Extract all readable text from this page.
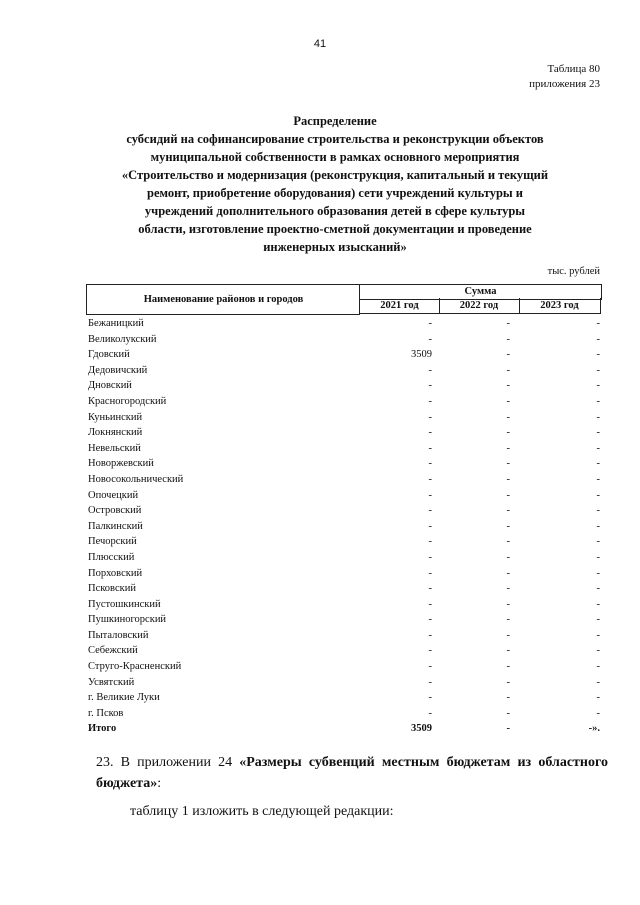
41
Таблица 80
приложения 23
Распределение
субсидий на софинансирование строительства и реконструкции объектов
муниципальной собственности в рамках основного мероприятия
«Строительство и модернизация (реконструкция, капитальный и текущий
ремонт, приобретение оборудования) сети учреждений культуры и
учреждений дополнительного образования детей в сфере культуры
области, изготовление проектно-сметной документации и проведение
инженерных изысканий»
тыс. рублей
Наименование районов и городов
Сумма
2021 год	2022 год	2023 год
Бежаницкий	-	-	-
Великолукский	-	-	-
Гдовский	3509	-	-
Дедовичский	-	-	-
Дновский	-	-	-
Красногородский	-	-	-
Куньинский	-	-	-
Локнянский	-	-	-
Невельский	-	-	-
Новоржевский	-	-	-
Новосокольнический	-	-	-
Опочецкий	-	-	-
Островский	-	-	-
Палкинский	-	-	-
Печорский	-	-	-
Плюсский	-	-	-
Порховский	-	-	-
Псковский	-	-	-
Пустошкинский	-	-	-
Пушкиногорский	-	-	-
Пыталовский	-	-	-
Себежский	-	-	-
Струго-Красненский	-	-	-
Усвятский	-	-	-
г. Великие Луки	-	-	-
г. Псков	-	-	-
Итого	3509	-	-».
23. В приложении 24 «Размеры субвенций местным бюджетам из областного бюджета»:
таблицу 1 изложить в следующей редакции:
